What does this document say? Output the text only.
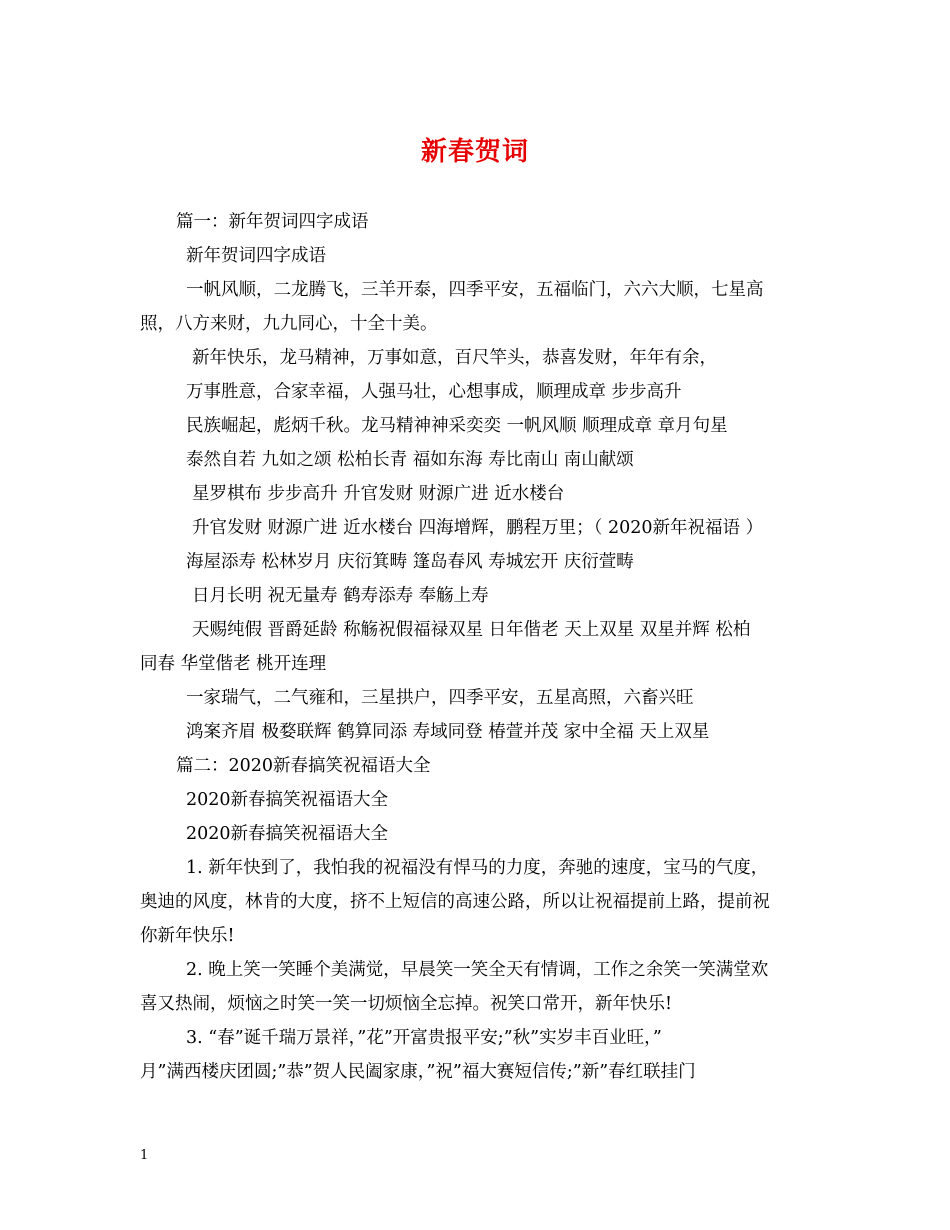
新春贺词
篇一：新年贺词四字成语
新年贺词四字成语
一帆风顺，二龙腾飞，三羊开泰，四季平安，五福临门，六六大顺，七星高
照，八方来财，九九同心，十全十美。
新年快乐，龙马精神，万事如意，百尺竿头，恭喜发财，年年有余，
万事胜意，合家幸福，人强马壮，心想事成，顺理成章 步步高升
民族崛起，彪炳千秋。龙马精神神采奕奕 一帆风顺 顺理成章 章月句星
泰然自若 九如之颂 松柏长青 福如东海 寿比南山 南山献颂
星罗棋布 步步高升 升官发财 财源广进 近水楼台
升官发财 财源广进 近水楼台 四海增辉，鹏程万里；（ 2020新年祝福语 ）
海屋添寿 松林岁月 庆衍箕畴 篷岛春风 寿城宏开 庆衍萱畴
日月长明 祝无量寿 鹤寿添寿 奉觞上寿
天赐纯假 晋爵延龄 称觞祝假福禄双星 日年偕老 天上双星 双星并辉 松柏
同春 华堂偕老 桃开连理
一家瑞气，二气雍和，三星拱户，四季平安，五星高照，六畜兴旺
鸿案齐眉 极婺联辉 鹤算同添 寿域同登 椿萱并茂 家中全福 天上双星
篇二：2020新春搞笑祝福语大全
2020新春搞笑祝福语大全
2020新春搞笑祝福语大全
1. 新年快到了，我怕我的祝福没有悍马的力度，奔驰的速度，宝马的气度，
奥迪的风度，林肯的大度，挤不上短信的高速公路，所以让祝福提前上路，提前祝
你新年快乐!
2. 晚上笑一笑睡个美满觉，早晨笑一笑全天有情调，工作之余笑一笑满堂欢
喜又热闹，烦恼之时笑一笑一切烦恼全忘掉。祝笑口常开，新年快乐!
3. “春”诞千瑞万景祥，”花”开富贵报平安;”秋”实岁丰百业旺，”
月”满西楼庆团圆;”恭”贺人民阖家康，”祝”福大赛短信传;”新”春红联挂门
1
